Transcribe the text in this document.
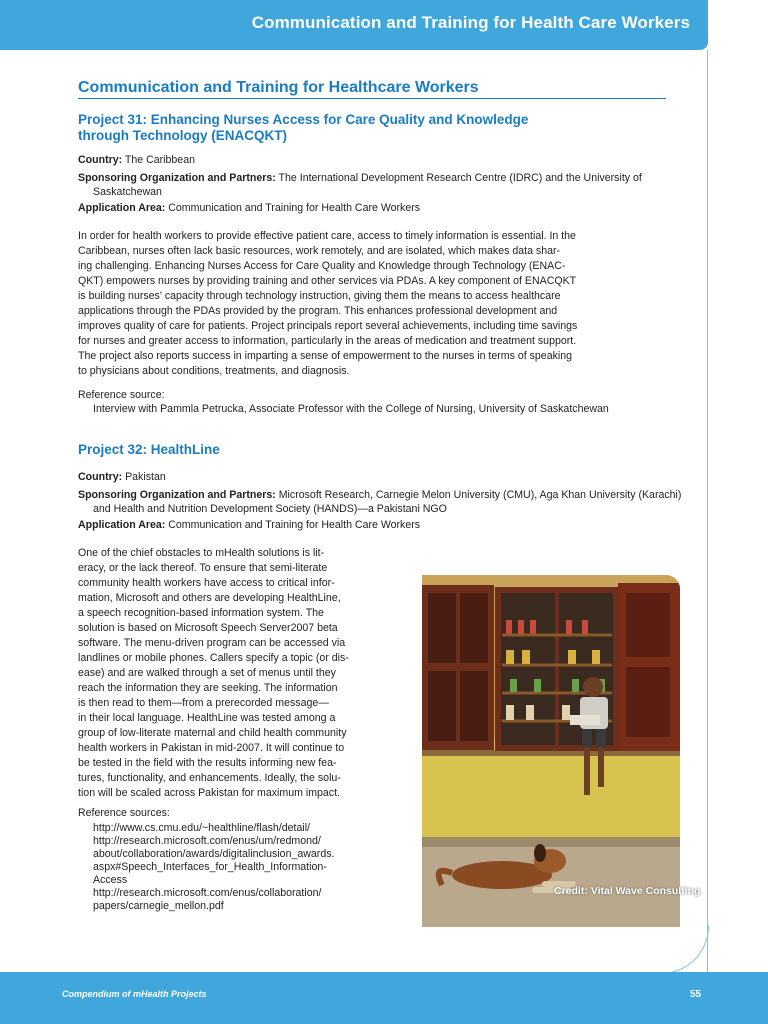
Communication and Training for Health Care Workers
Communication and Training for Healthcare Workers
Project 31: Enhancing Nurses Access for Care Quality and Knowledge
through Technology (ENACQKT)
Country: The Caribbean
Sponsoring Organization and Partners: The International Development Research Centre (IDRC) and the University of Saskatchewan
Application Area: Communication and Training for Health Care Workers
In order for health workers to provide effective patient care, access to timely information is essential. In the
Caribbean, nurses often lack basic resources, work remotely, and are isolated, which makes data shar-
ing challenging. Enhancing Nurses Access for Care Quality and Knowledge through Technology (ENAC-
QKT) empowers nurses by providing training and other services via PDAs. A key component of ENACQKT
is building nurses' capacity through technology instruction, giving them the means to access healthcare
applications through the PDAs provided by the program. This enhances professional development and
improves quality of care for patients. Project principals report several achievements, including time savings
for nurses and greater access to information, particularly in the areas of medication and treatment support.
The project also reports success in imparting a sense of empowerment to the nurses in terms of speaking
to physicians about conditions, treatments, and diagnosis.
Reference source:
Interview with Pammla Petrucka, Associate Professor with the College of Nursing, University of Saskatchewan
Project 32: HealthLine
Country: Pakistan
Sponsoring Organization and Partners: Microsoft Research, Carnegie Melon University (CMU), Aga Khan University (Karachi) and Health and Nutrition Development Society (HANDS)—a Pakistani NGO
Application Area: Communication and Training for Health Care Workers
One of the chief obstacles to mHealth solutions is lit-
eracy, or the lack thereof. To ensure that semi-literate
community health workers have access to critical infor-
mation, Microsoft and others are developing HealthLine,
a speech recognition-based information system. The
solution is based on Microsoft Speech Server2007 beta
software. The menu-driven program can be accessed via
landlines or mobile phones. Callers specify a topic (or dis-
ease) and are walked through a set of menus until they
reach the information they are seeking. The information
is then read to them—from a prerecorded message—
in their local language. HealthLine was tested among a
group of low-literate maternal and child health community
health workers in Pakistan in mid-2007. It will continue to
be tested in the field with the results informing new fea-
tures, functionality, and enhancements. Ideally, the solu-
tion will be scaled across Pakistan for maximum impact.
Reference sources:
http://www.cs.cmu.edu/~healthline/flash/detail/
http://research.microsoft.com/enus/um/redmond/
about/collaboration/awards/digitalinclusion_awards.
aspx#Speech_Interfaces_for_Health_Information-
Access
http://research.microsoft.com/enus/collaboration/
papers/carnegie_mellon.pdf
Credit: Vital Wave Consulting
Compendium of mHealth Projects	55
